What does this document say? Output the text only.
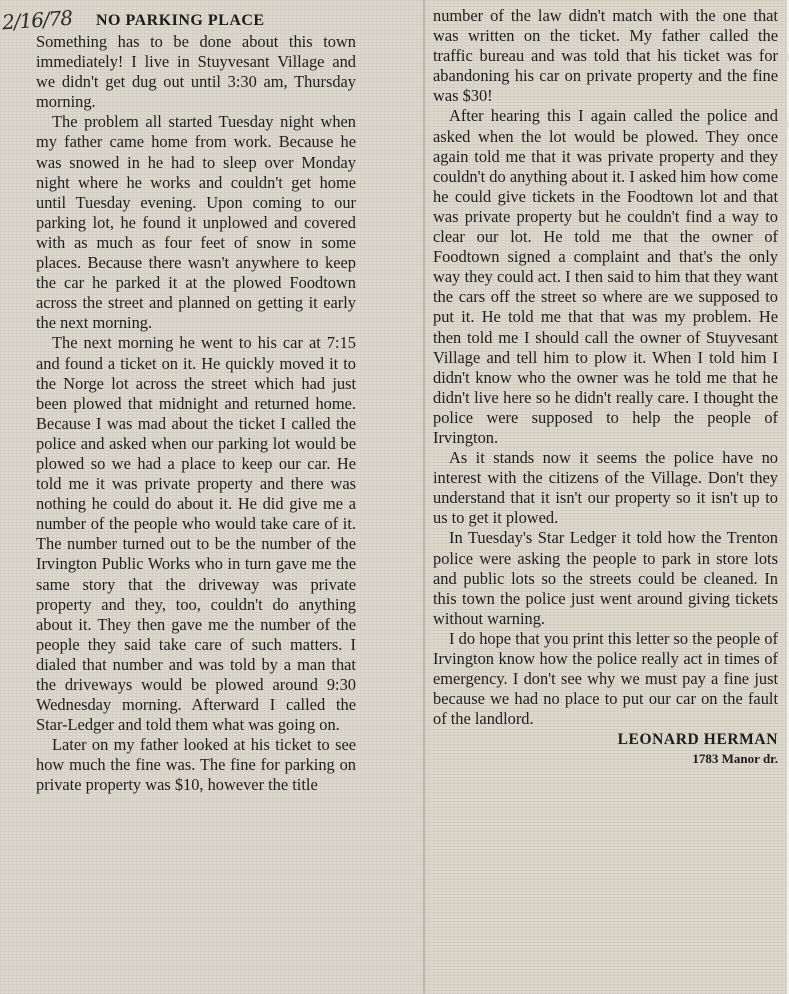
2/16/78 NO PARKING PLACE

Something has to be done about this town immediately! I live in Stuyvesant Village and we didn't get dug out until 3:30 am, Thursday morning.

The problem all started Tuesday night when my father came home from work. Because he was snowed in he had to sleep over Monday night where he works and couldn't get home until Tuesday evening. Upon coming to our parking lot, he found it unplowed and covered with as much as four feet of snow in some places. Because there wasn't anywhere to keep the car he parked it at the plowed Foodtown across the street and planned on getting it early the next morning.

The next morning he went to his car at 7:15 and found a ticket on it. He quickly moved it to the Norge lot across the street which had just been plowed that midnight and returned home. Because I was mad about the ticket I called the police and asked when our parking lot would be plowed so we had a place to keep our car. He told me it was private property and there was nothing he could do about it. He did give me a number of the people who would take care of it. The number turned out to be the number of the Irvington Public Works who in turn gave me the same story that the driveway was private property and they, too, couldn't do anything about it. They then gave me the number of the people they said take care of such matters. I dialed that number and was told by a man that the driveways would be plowed around 9:30 Wednesday morning. Afterward I called the Star-Ledger and told them what was going on.

Later on my father looked at his ticket to see how much the fine was. The fine for parking on private property was $10, however the title

number of the law didn't match with the one that was written on the ticket. My father called the traffic bureau and was told that his ticket was for abandoning his car on private property and the fine was $30!

After hearing this I again called the police and asked when the lot would be plowed. They once again told me that it was private property and they couldn't do anything about it. I asked him how come he could give tickets in the Foodtown lot and that was private property but he couldn't find a way to clear our lot. He told me that the owner of Foodtown signed a complaint and that's the only way they could act. I then said to him that they want the cars off the street so where are we supposed to put it. He told me that that was my problem. He then told me I should call the owner of Stuyvesant Village and tell him to plow it. When I told him I didn't know who the owner was he told me that he didn't live here so he didn't really care. I thought the police were supposed to help the people of Irvington.

As it stands now it seems the police have no interest with the citizens of the Village. Don't they understand that it isn't our property so it isn't up to us to get it plowed.

In Tuesday's Star Ledger it told how the Trenton police were asking the people to park in store lots and public lots so the streets could be cleaned. In this town the police just went around giving tickets without warning.

I do hope that you print this letter so the people of Irvington know how the police really act in times of emergency. I don't see why we must pay a fine just because we had no place to put our car on the fault of the landlord.

LEONARD HERMAN
1783 Manor dr.
